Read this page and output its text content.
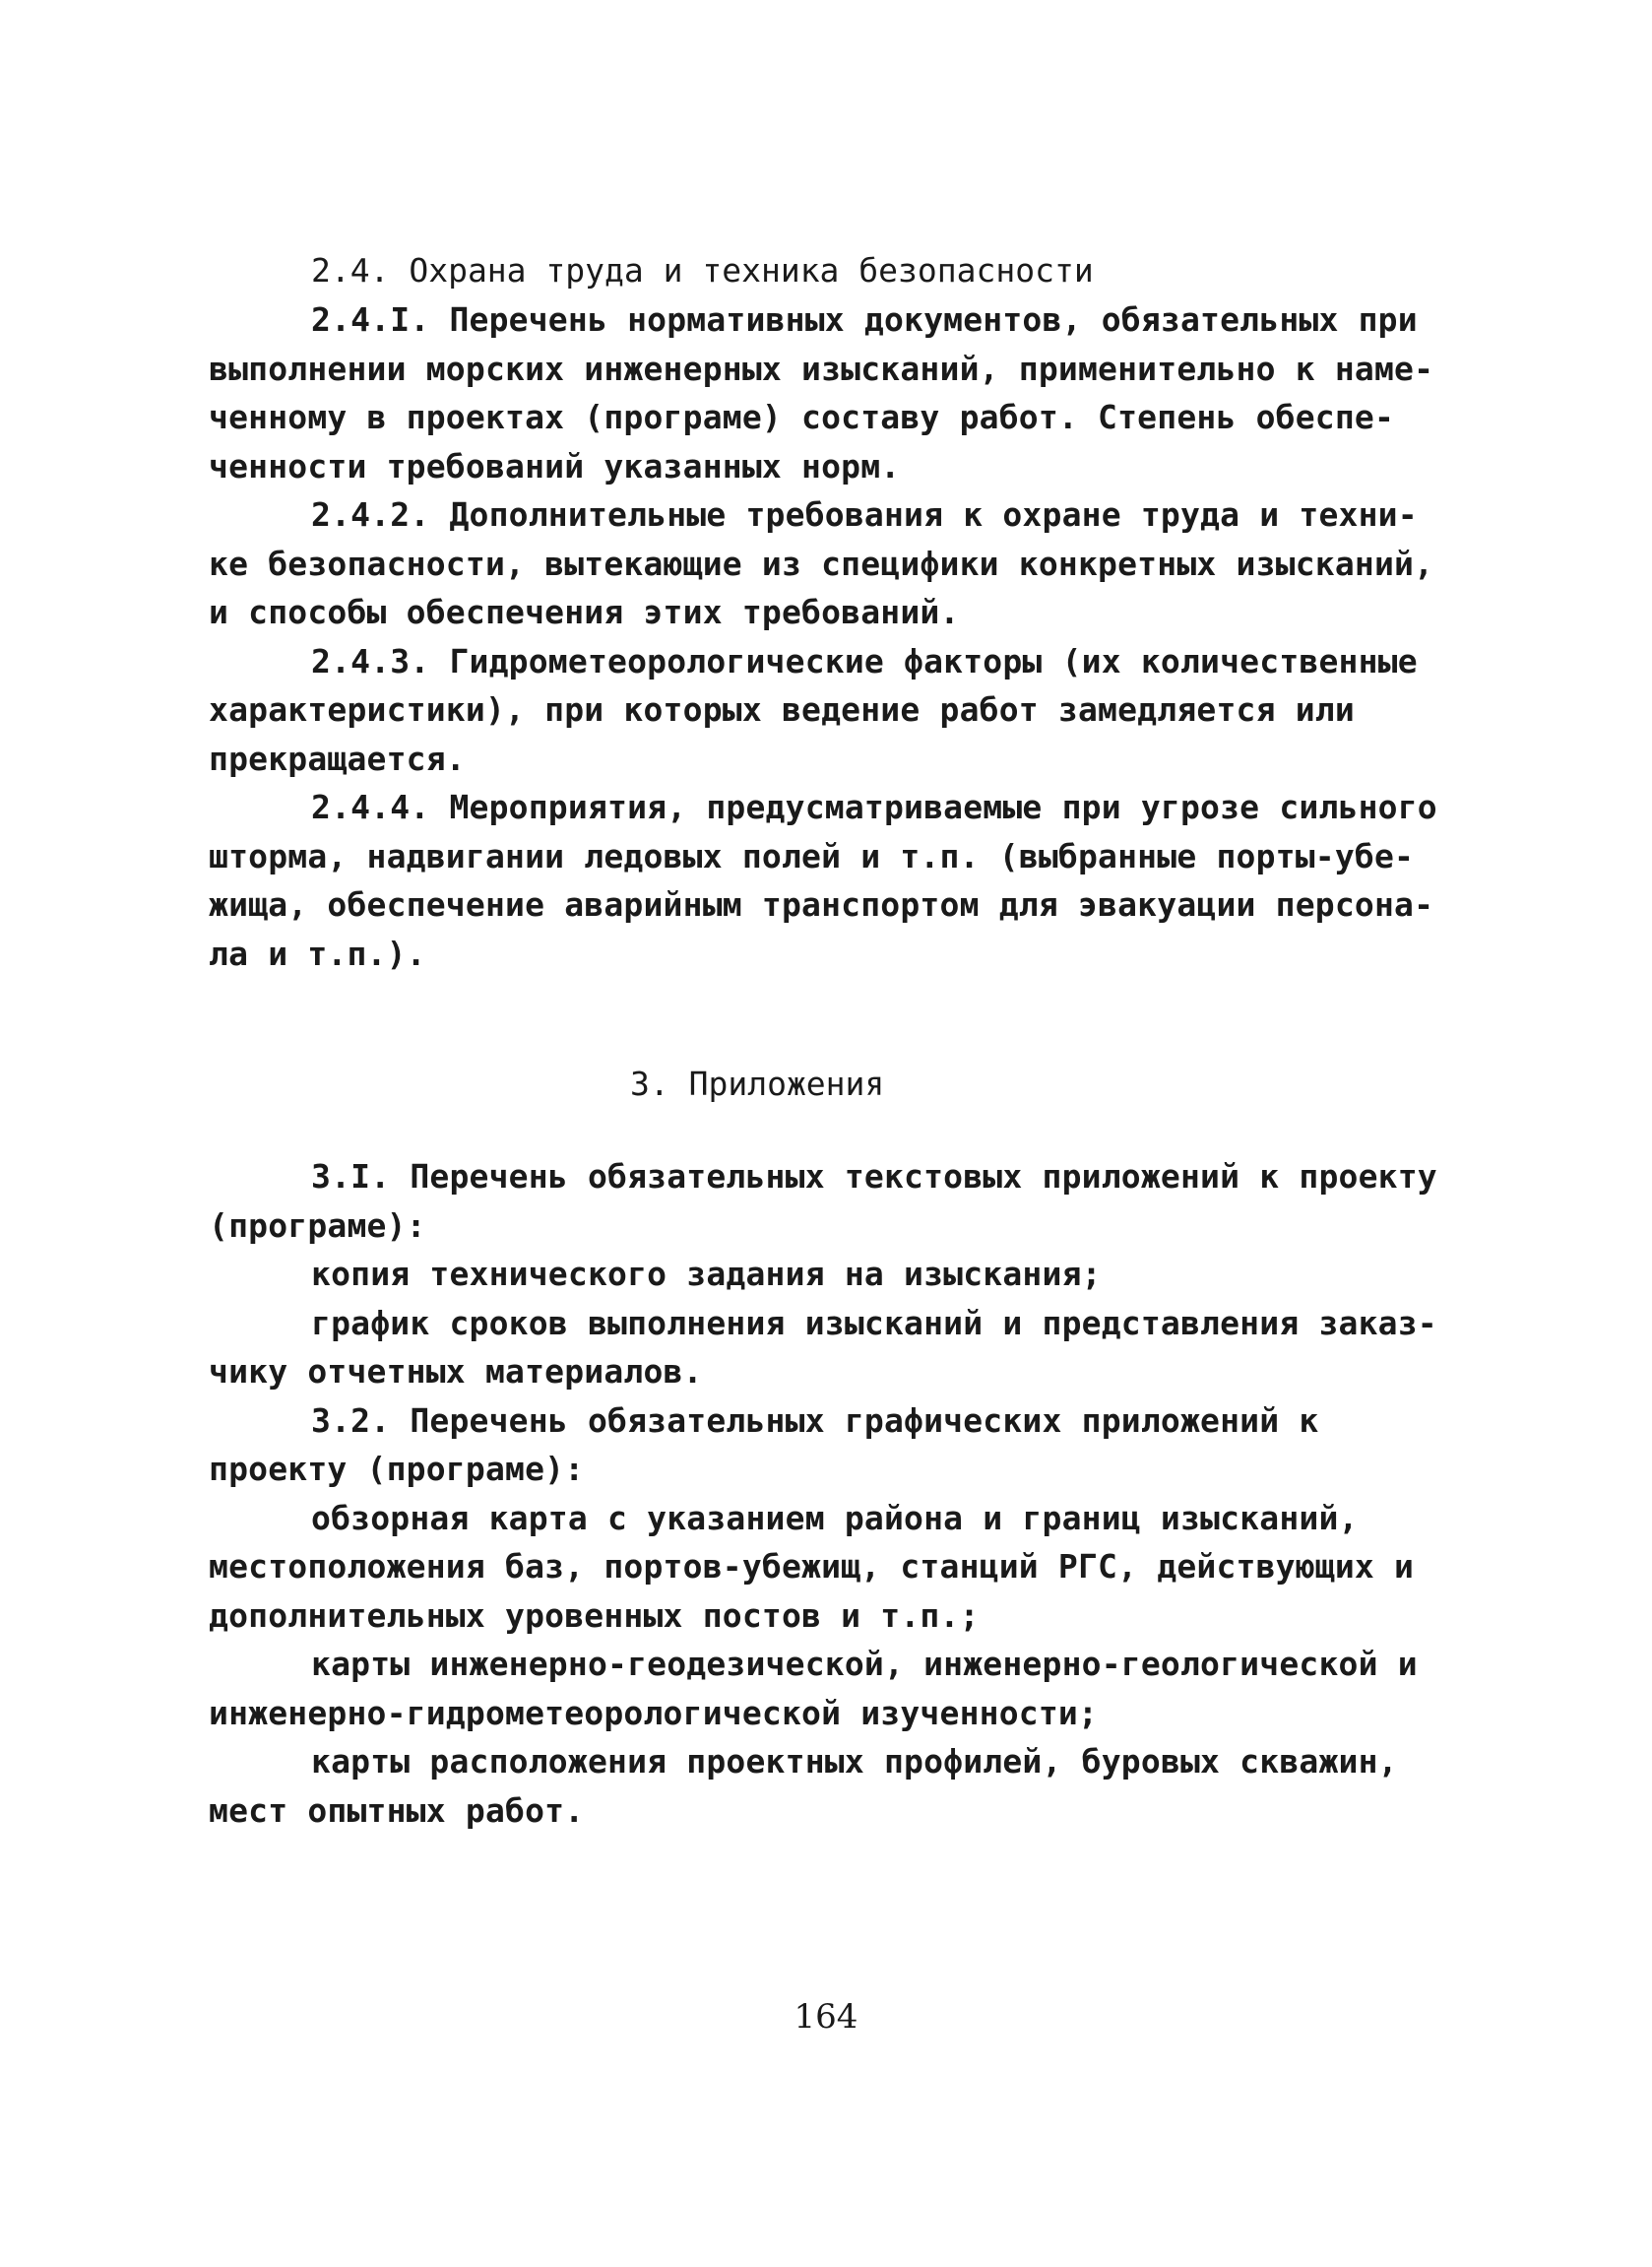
2.4. Охрана труда и техника безопасности
2.4.I. Перечень нормативных документов, обязательных при
выполнении морских инженерных изысканий, применительно к наме-
ченному в проектах (програме) составу работ. Степень обеспе-
ченности требований указанных норм.
2.4.2. Дополнительные требования к охране труда и техни-
ке безопасности, вытекающие из специфики конкретных изысканий,
и способы обеспечения этих требований.
2.4.3. Гидрометеорологические факторы (их количественные
характеристики), при которых ведение работ замедляется или
прекращается.
2.4.4. Мероприятия, предусматриваемые при угрозе сильного
шторма, надвигании ледовых полей и т.п. (выбранные порты-убе-
жища, обеспечение аварийным транспортом для эвакуации персона-
ла и т.п.).
3. Приложения
3.I. Перечень обязательных текстовых приложений к проекту
(програме):
копия технического задания на изыскания;
график сроков выполнения изысканий и представления заказ-
чику отчетных материалов.
3.2. Перечень обязательных графических приложений к
проекту (програме):
обзорная карта с указанием района и границ изысканий,
местоположения баз, портов-убежищ, станций РГС, действующих и
дополнительных уровенных постов и т.п.;
карты инженерно-геодезической, инженерно-геологической и
инженерно-гидрометеорологической изученности;
карты расположения проектных профилей, буровых скважин,
мест опытных работ.
164
